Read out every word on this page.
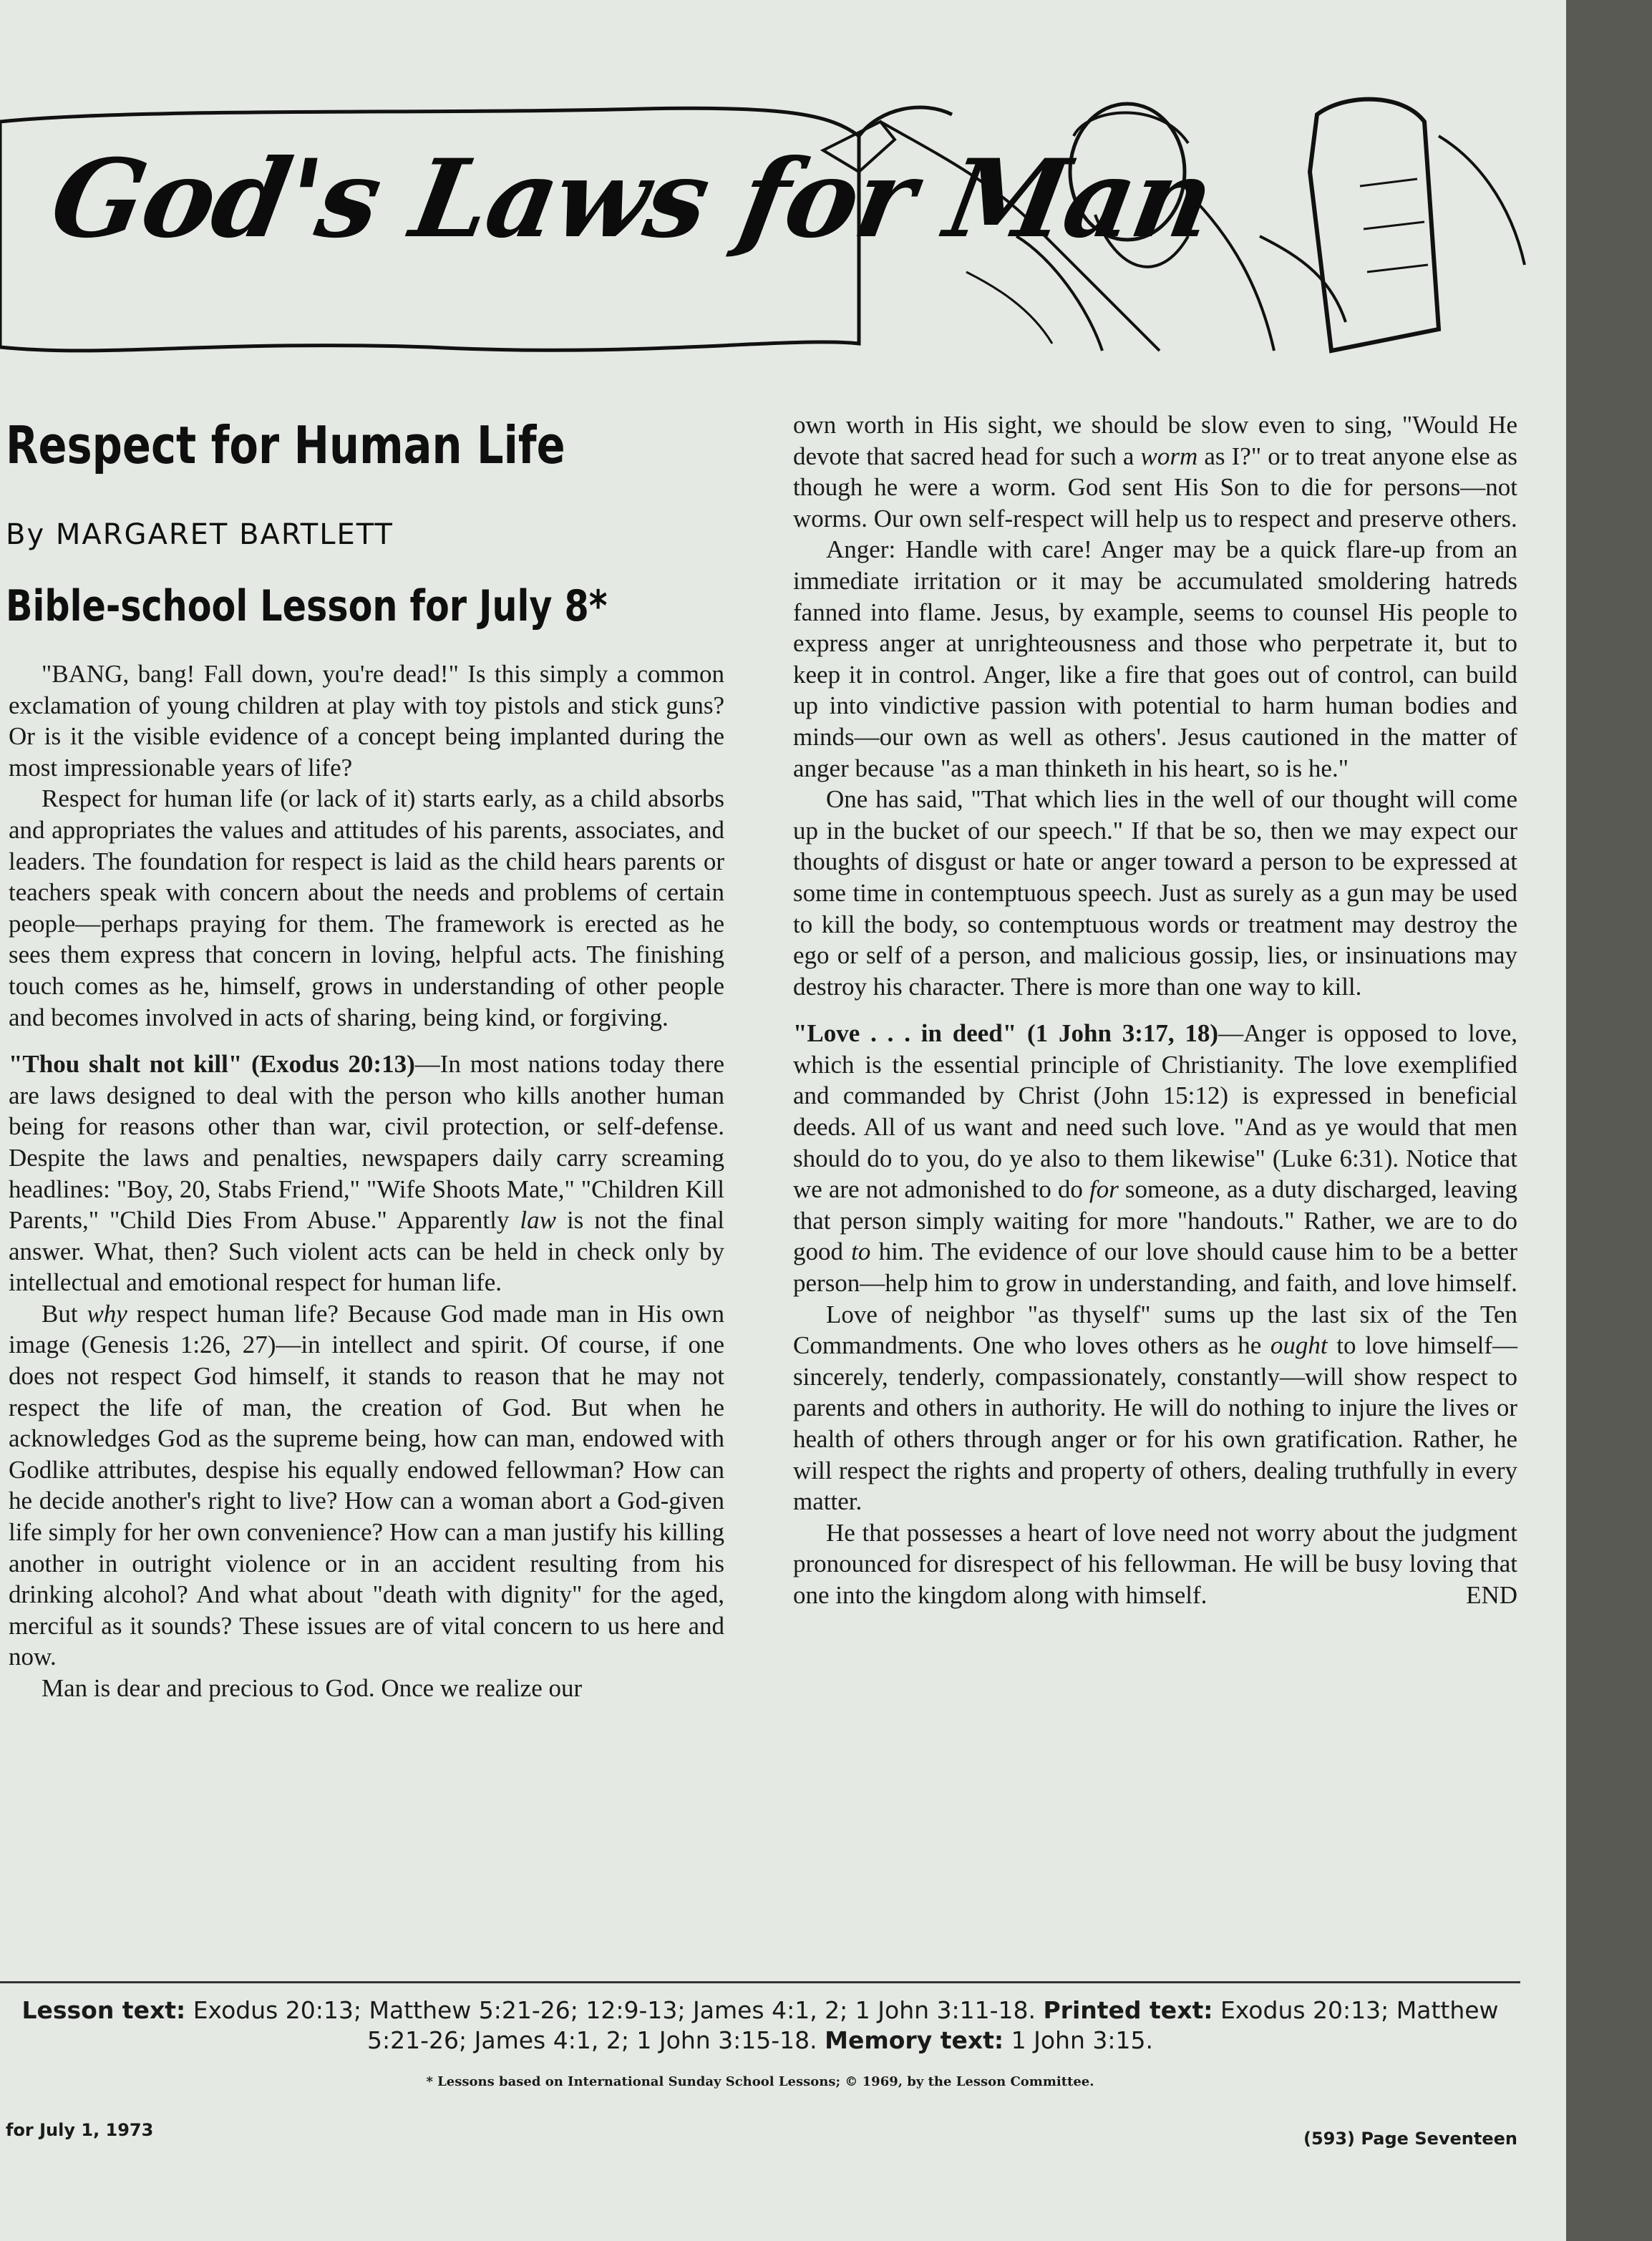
God's Laws for Man
Respect for Human Life
By MARGARET BARTLETT
Bible-school Lesson for July 8*

"BANG, bang! Fall down, you're dead!" Is this simply a common exclamation of young children at play with toy pistols and stick guns? Or is it the visible evidence of a concept being implanted during the most impressionable years of life?

Respect for human life (or lack of it) starts early, as a child absorbs and appropriates the values and attitudes of his parents, associates, and leaders. The foundation for respect is laid as the child hears parents or teachers speak with concern about the needs and problems of certain people—perhaps praying for them. The framework is erected as he sees them express that concern in loving, helpful acts. The finishing touch comes as he, himself, grows in understanding of other people and becomes involved in acts of sharing, being kind, or forgiving.

"Thou shalt not kill" (Exodus 20:13)—In most nations today there are laws designed to deal with the person who kills another human being for reasons other than war, civil protection, or self-defense. Despite the laws and penalties, newspapers daily carry screaming headlines: "Boy, 20, Stabs Friend," "Wife Shoots Mate," "Children Kill Parents," "Child Dies From Abuse." Apparently law is not the final answer. What, then? Such violent acts can be held in check only by intellectual and emotional respect for human life.

But why respect human life? Because God made man in His own image (Genesis 1:26, 27)—in intellect and spirit. Of course, if one does not respect God himself, it stands to reason that he may not respect the life of man, the creation of God. But when he acknowledges God as the supreme being, how can man, endowed with Godlike attributes, despise his equally endowed fellowman? How can he decide another's right to live? How can a woman abort a God-given life simply for her own convenience? How can a man justify his killing another in outright violence or in an accident resulting from his drinking alcohol? And what about "death with dignity" for the aged, merciful as it sounds? These issues are of vital concern to us here and now.

Man is dear and precious to God. Once we realize our

own worth in His sight, we should be slow even to sing, "Would He devote that sacred head for such a worm as I?" or to treat anyone else as though he were a worm. God sent His Son to die for persons—not worms. Our own self-respect will help us to respect and preserve others.

Anger: Handle with care! Anger may be a quick flare-up from an immediate irritation or it may be accumulated smoldering hatreds fanned into flame. Jesus, by example, seems to counsel His people to express anger at unrighteousness and those who perpetrate it, but to keep it in control. Anger, like a fire that goes out of control, can build up into vindictive passion with potential to harm human bodies and minds—our own as well as others'. Jesus cautioned in the matter of anger because "as a man thinketh in his heart, so is he."

One has said, "That which lies in the well of our thought will come up in the bucket of our speech." If that be so, then we may expect our thoughts of disgust or hate or anger toward a person to be expressed at some time in contemptuous speech. Just as surely as a gun may be used to kill the body, so contemptuous words or treatment may destroy the ego or self of a person, and malicious gossip, lies, or insinuations may destroy his character. There is more than one way to kill.

"Love . . . in deed" (1 John 3:17, 18)—Anger is opposed to love, which is the essential principle of Christianity. The love exemplified and commanded by Christ (John 15:12) is expressed in beneficial deeds. All of us want and need such love. "And as ye would that men should do to you, do ye also to them likewise" (Luke 6:31). Notice that we are not admonished to do for someone, as a duty discharged, leaving that person simply waiting for more "handouts." Rather, we are to do good to him. The evidence of our love should cause him to be a better person—help him to grow in understanding, and faith, and love himself.

Love of neighbor "as thyself" sums up the last six of the Ten Commandments. One who loves others as he ought to love himself—sincerely, tenderly, compassionately, constantly—will show respect to parents and others in authority. He will do nothing to injure the lives or health of others through anger or for his own gratification. Rather, he will respect the rights and property of others, dealing truthfully in every matter.

He that possesses a heart of love need not worry about the judgment pronounced for disrespect of his fellowman. He will be busy loving that one into the kingdom along with himself.	END

Lesson text: Exodus 20:13; Matthew 5:21-26; 12:9-13; James 4:1, 2; 1 John 3:11-18. Printed text: Exodus 20:13; Matthew 5:21-26; James 4:1, 2; 1 John 3:15-18. Memory text: 1 John 3:15.
* Lessons based on International Sunday School Lessons; © 1969, by the Lesson Committee.
for July 1, 1973	(593) Page Seventeen
